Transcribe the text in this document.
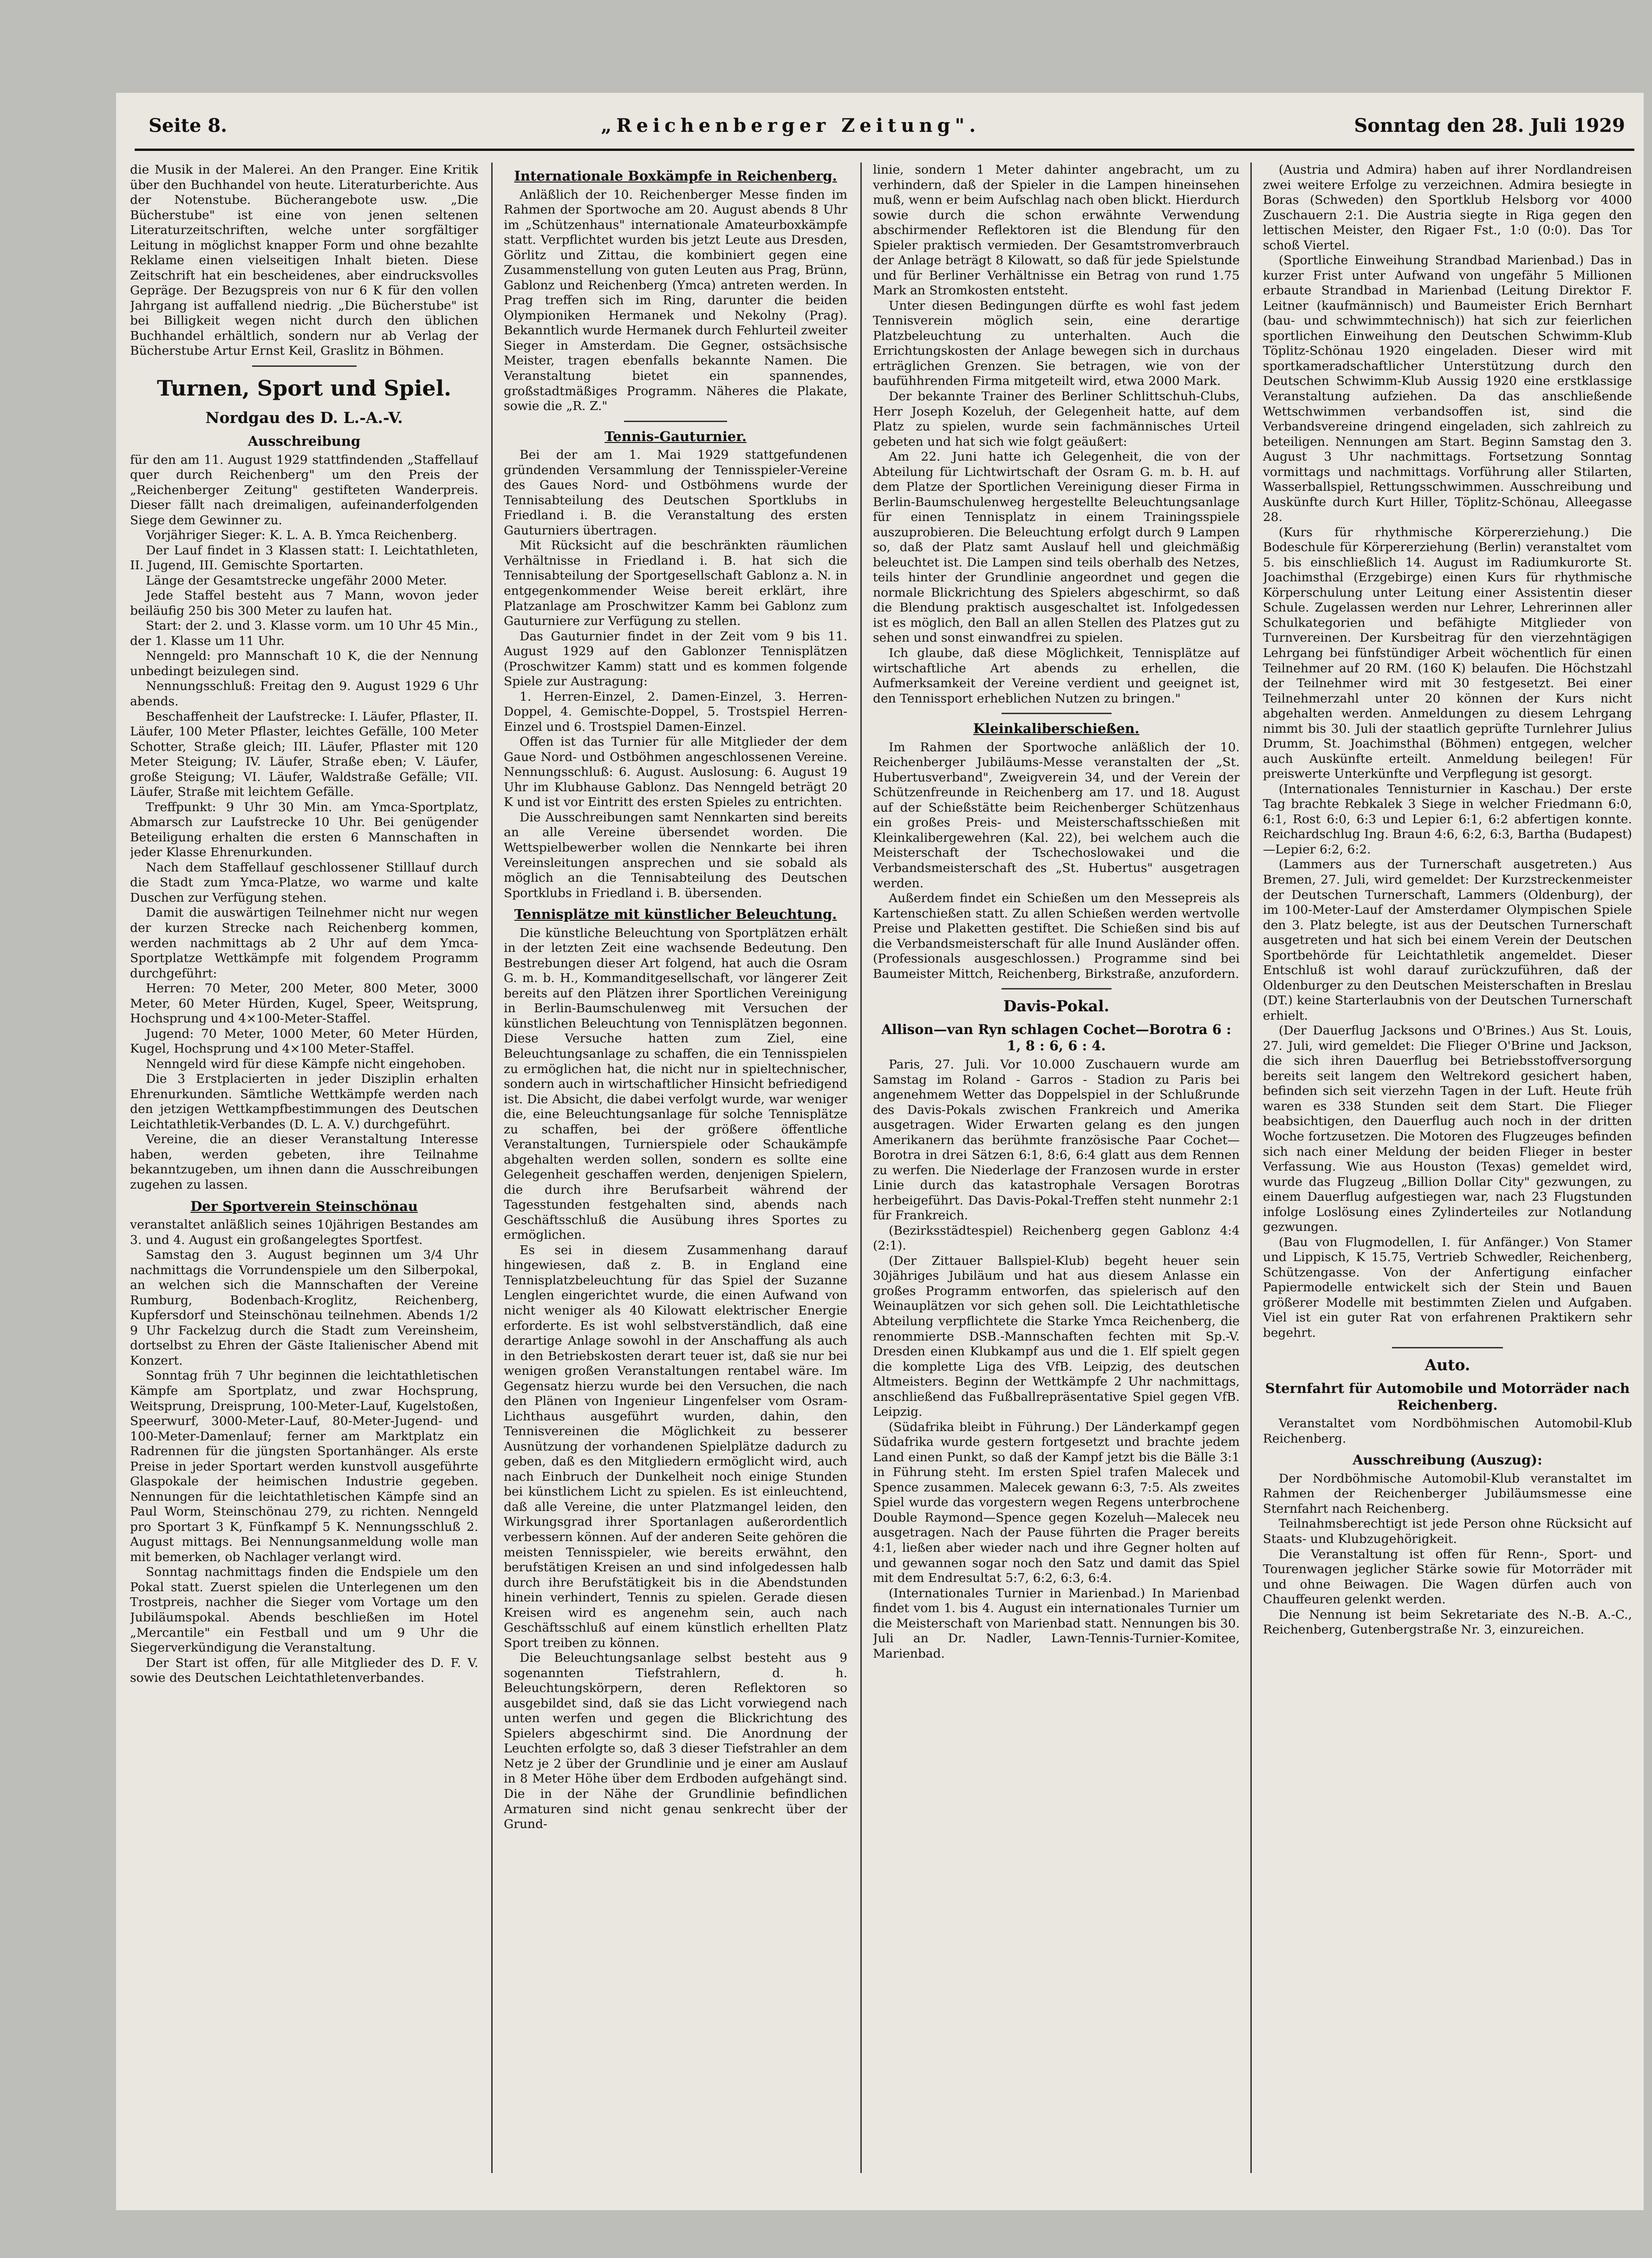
Seite 8.	„Reichenberger Zeitung".	Sonntag den 28. Juli 1929

die Musik in der Malerei. An den Pranger. Eine Kritik über den Buchhandel von heute. Literaturberichte. Aus der Notenstube. Bücherangebote usw. „Die Bücherstube" ist eine von jenen seltenen Literaturzeitschriften, welche unter sorgfältiger Leitung in möglichst knapper Form und ohne bezahlte Reklame einen vielseitigen Inhalt bieten. Diese Zeitschrift hat ein bescheidenes, aber eindrucksvolles Gepräge. Der Bezugspreis von nur 6 K für den vollen Jahrgang ist auffallend niedrig. „Die Bücherstube" ist bei Billigkeit wegen nicht durch den üblichen Buchhandel erhältlich, sondern nur ab Verlag der Bücherstube Artur Ernst Keil, Graslitz in Böhmen.

Turnen, Sport und Spiel.
Nordgau des D. L.-A.-V.
Ausschreibung

für den am 11. August 1929 stattfindenden „Staffellauf quer durch Reichenberg" um den Preis der „Reichenberger Zeitung" gestifteten Wanderpreis. Dieser fällt nach dreimaligen, aufeinanderfolgenden Siege dem Gewinner zu.

Vorjähriger Sieger: K. L. A. B. Ymca Reichenberg.

Der Lauf findet in 3 Klassen statt: I. Leichtathleten, II. Jugend, III. Gemischte Sportarten.

Länge der Gesamtstrecke ungefähr 2000 Meter.

Jede Staffel besteht aus 7 Mann, wovon jeder beiläufig 250 bis 300 Meter zu laufen hat.

Start: der 2. und 3. Klasse vorm. um 10 Uhr 45 Min., der 1. Klasse um 11 Uhr.

Nenngeld: pro Mannschaft 10 K, die der Nennung unbedingt beizulegen sind.

Nennungsschluß: Freitag den 9. August 1929 6 Uhr abends.

Beschaffenheit der Laufstrecke: I. Läufer, Pflaster, II. Läufer, 100 Meter Pflaster, leichtes Gefälle, 100 Meter Schotter, Straße gleich; III. Läufer, Pflaster mit 120 Meter Steigung; IV. Läufer, Straße eben; V. Läufer, große Steigung; VI. Läufer, Waldstraße Gefälle; VII. Läufer, Straße mit leichtem Gefälle.

Treffpunkt: 9 Uhr 30 Min. am Ymca-Sportplatz, Abmarsch zur Laufstrecke 10 Uhr. Bei genügender Beteiligung erhalten die ersten 6 Mannschaften in jeder Klasse Ehrenurkunden.

Nach dem Staffellauf geschlossener Stilllauf durch die Stadt zum Ymca-Platze, wo warme und kalte Duschen zur Verfügung stehen.

Damit die auswärtigen Teilnehmer nicht nur wegen der kurzen Strecke nach Reichenberg kommen, werden nachmittags ab 2 Uhr auf dem Ymca-Sportplatze Wettkämpfe mit folgendem Programm durchgeführt:

Herren: 70 Meter, 200 Meter, 800 Meter, 3000 Meter, 60 Meter Hürden, Kugel, Speer, Weitsprung, Hochsprung und 4×100-Meter-Staffel.

Jugend: 70 Meter, 1000 Meter, 60 Meter Hürden, Kugel, Hochsprung und 4×100 Meter-Staffel.

Nenngeld wird für diese Kämpfe nicht eingehoben.

Die 3 Erstplacierten in jeder Disziplin erhalten Ehrenurkunden. Sämtliche Wettkämpfe werden nach den jetzigen Wettkampfbestimmungen des Deutschen Leichtathletik-Verbandes (D. L. A. V.) durchgeführt.

Vereine, die an dieser Veranstaltung Interesse haben, werden gebeten, ihre Teilnahme bekanntzugeben, um ihnen dann die Ausschreibungen zugehen zu lassen.

Der Sportverein Steinschönau

veranstaltet anläßlich seines 10jährigen Bestandes am 3. und 4. August ein großangelegtes Sportfest.

Samstag den 3. August beginnen um 3/4 Uhr nachmittags die Vorrundenspiele um den Silberpokal, an welchen sich die Mannschaften der Vereine Rumburg, Bodenbach-Kroglitz, Reichenberg, Kupfersdorf und Steinschönau teilnehmen. Abends 1/2 9 Uhr Fackelzug durch die Stadt zum Vereinsheim, dortselbst zu Ehren der Gäste Italienischer Abend mit Konzert.

Sonntag früh 7 Uhr beginnen die leichtathletischen Kämpfe am Sportplatz, und zwar Hochsprung, Weitsprung, Dreisprung, 100-Meter-Lauf, Kugelstoßen, Speerwurf, 3000-Meter-Lauf, 80-Meter-Jugend- und 100-Meter-Damenlauf; ferner am Marktplatz ein Radrennen für die jüngsten Sportanhänger. Als erste Preise in jeder Sportart werden kunstvoll ausgeführte Glaspokale der heimischen Industrie gegeben. Nennungen für die leichtathletischen Kämpfe sind an Paul Worm, Steinschönau 279, zu richten. Nenngeld pro Sportart 3 K, Fünfkampf 5 K. Nennungsschluß 2. August mittags. Bei Nennungsanmeldung wolle man mit bemerken, ob Nachlager verlangt wird.

Sonntag nachmittags finden die Endspiele um den Pokal statt. Zuerst spielen die Unterlegenen um den Trostpreis, nachher die Sieger vom Vortage um den Jubiläumspokal. Abends beschließen im Hotel „Mercantile" ein Festball und um 9 Uhr die Siegerverkündigung die Veranstaltung.

Der Start ist offen, für alle Mitglieder des D. F. V. sowie des Deutschen Leichtathletenverbandes.

Internationale Boxkämpfe in Reichenberg.

Anläßlich der 10. Reichenberger Messe finden im Rahmen der Sportwoche am 20. August abends 8 Uhr im „Schützenhaus" internationale Amateurboxkämpfe statt. Verpflichtet wurden bis jetzt Leute aus Dresden, Görlitz und Zittau, die kombiniert gegen eine Zusammenstellung von guten Leuten aus Prag, Brünn, Gablonz und Reichenberg (Ymca) antreten werden. In Prag treffen sich im Ring, darunter die beiden Olympioniken Hermanek und Nekolny (Prag). Bekanntlich wurde Hermanek durch Fehlurteil zweiter Sieger in Amsterdam. Die Gegner, ostsächsische Meister, tragen ebenfalls bekannte Namen. Die Veranstaltung bietet ein spannendes, großstadtmäßiges Programm. Näheres die Plakate, sowie die „R. Z."

Tennis-Gauturnier.

Bei der am 1. Mai 1929 stattgefundenen gründenden Versammlung der Tennisspieler-Vereine des Gaues Nord- und Ostböhmens wurde der Tennisabteilung des Deutschen Sportklubs in Friedland i. B. die Veranstaltung des ersten Gauturniers übertragen.

Mit Rücksicht auf die beschränkten räumlichen Verhältnisse in Friedland i. B. hat sich die Tennisabteilung der Sportgesellschaft Gablonz a. N. in entgegenkommender Weise bereit erklärt, ihre Platzanlage am Proschwitzer Kamm bei Gablonz zum Gauturniere zur Verfügung zu stellen.

Das Gauturnier findet in der Zeit vom 9 bis 11. August 1929 auf den Gablonzer Tennisplätzen (Proschwitzer Kamm) statt und es kommen folgende Spiele zur Austragung:

1. Herren-Einzel, 2. Damen-Einzel, 3. Herren-Doppel, 4. Gemischte-Doppel, 5. Trostspiel Herren-Einzel und 6. Trostspiel Damen-Einzel.

Offen ist das Turnier für alle Mitglieder der dem Gaue Nord- und Ostböhmen angeschlossenen Vereine. Nennungsschluß: 6. August. Auslosung: 6. August 19 Uhr im Klubhause Gablonz. Das Nenngeld beträgt 20 K und ist vor Eintritt des ersten Spieles zu entrichten.

Die Ausschreibungen samt Nennkarten sind bereits an alle Vereine übersendet worden. Die Wettspielbewerber wollen die Nennkarte bei ihren Vereinsleitungen ansprechen und sie sobald als möglich an die Tennisabteilung des Deutschen Sportklubs in Friedland i. B. übersenden.

Tennisplätze mit künstlicher Beleuchtung.

Die künstliche Beleuchtung von Sportplätzen erhält in der letzten Zeit eine wachsende Bedeutung. Den Bestrebungen dieser Art folgend, hat auch die Osram G. m. b. H., Kommanditgesellschaft, vor längerer Zeit bereits auf den Plätzen ihrer Sportlichen Vereinigung in Berlin-Baumschulenweg mit Versuchen der künstlichen Beleuchtung von Tennisplätzen begonnen. Diese Versuche hatten zum Ziel, eine Beleuchtungsanlage zu schaffen, die ein Tennisspielen zu ermöglichen hat, die nicht nur in spieltechnischer, sondern auch in wirtschaftlicher Hinsicht befriedigend ist. Die Absicht, die dabei verfolgt wurde, war weniger die, eine Beleuchtungsanlage für solche Tennisplätze zu schaffen, bei der größere öffentliche Veranstaltungen, Turnierspiele oder Schaukämpfe abgehalten werden sollen, sondern es sollte eine Gelegenheit geschaffen werden, denjenigen Spielern, die durch ihre Berufsarbeit während der Tagesstunden festgehalten sind, abends nach Geschäftsschluß die Ausübung ihres Sportes zu ermöglichen.

Es sei in diesem Zusammenhang darauf hingewiesen, daß z. B. in England eine Tennisplatzbeleuchtung für das Spiel der Suzanne Lenglen eingerichtet wurde, die einen Aufwand von nicht weniger als 40 Kilowatt elektrischer Energie erforderte. Es ist wohl selbstverständlich, daß eine derartige Anlage sowohl in der Anschaffung als auch in den Betriebskosten derart teuer ist, daß sie nur bei wenigen großen Veranstaltungen rentabel wäre. Im Gegensatz hierzu wurde bei den Versuchen, die nach den Plänen von Ingenieur Lingenfelser vom Osram-Lichthaus ausgeführt wurden, dahin, den Tennisvereinen die Möglichkeit zu besserer Ausnützung der vorhandenen Spielplätze dadurch zu geben, daß es den Mitgliedern ermöglicht wird, auch nach Einbruch der Dunkelheit noch einige Stunden bei künstlichem Licht zu spielen. Es ist einleuchtend, daß alle Vereine, die unter Platzmangel leiden, den Wirkungsgrad ihrer Sportanlagen außerordentlich verbessern können. Auf der anderen Seite gehören die meisten Tennisspieler, wie bereits erwähnt, den berufstätigen Kreisen an und sind infolgedessen halb durch ihre Berufstätigkeit bis in die Abendstunden hinein verhindert, Tennis zu spielen. Gerade diesen Kreisen wird es angenehm sein, auch nach Geschäftsschluß auf einem künstlich erhellten Platz Sport treiben zu können.

Die Beleuchtungsanlage selbst besteht aus 9 sogenannten Tiefstrahlern, d. h. Beleuchtungskörpern, deren Reflektoren so ausgebildet sind, daß sie das Licht vorwiegend nach unten werfen und gegen die Blickrichtung des Spielers abgeschirmt sind. Die Anordnung der Leuchten erfolgte so, daß 3 dieser Tiefstrahler an dem Netz je 2 über der Grundlinie und je einer am Auslauf in 8 Meter Höhe über dem Erdboden aufgehängt sind. Die in der Nähe der Grundlinie befindlichen Armaturen sind nicht genau senkrecht über der Grund-

linie, sondern 1 Meter dahinter angebracht, um zu verhindern, daß der Spieler in die Lampen hineinsehen muß, wenn er beim Aufschlag nach oben blickt. Hierdurch sowie durch die schon erwähnte Verwendung abschirmender Reflektoren ist die Blendung für den Spieler praktisch vermieden. Der Gesamtstromverbrauch der Anlage beträgt 8 Kilowatt, so daß für jede Spielstunde und für Berliner Verhältnisse ein Betrag von rund 1.75 Mark an Stromkosten entsteht.

Unter diesen Bedingungen dürfte es wohl fast jedem Tennisverein möglich sein, eine derartige Platzbeleuchtung zu unterhalten. Auch die Errichtungskosten der Anlage bewegen sich in durchaus erträglichen Grenzen. Sie betragen, wie von der baufühhrenden Firma mitgeteilt wird, etwa 2000 Mark.

Der bekannte Trainer des Berliner Schlittschuh-Clubs, Herr Joseph Kozeluh, der Gelegenheit hatte, auf dem Platz zu spielen, wurde sein fachmännisches Urteil gebeten und hat sich wie folgt geäußert:

Am 22. Juni hatte ich Gelegenheit, die von der Abteilung für Lichtwirtschaft der Osram G. m. b. H. auf dem Platze der Sportlichen Vereinigung dieser Firma in Berlin-Baumschulenweg hergestellte Beleuchtungsanlage für einen Tennisplatz in einem Trainingsspiele auszuprobieren. Die Beleuchtung erfolgt durch 9 Lampen so, daß der Platz samt Auslauf hell und gleichmäßig beleuchtet ist. Die Lampen sind teils oberhalb des Netzes, teils hinter der Grundlinie angeordnet und gegen die normale Blickrichtung des Spielers abgeschirmt, so daß die Blendung praktisch ausgeschaltet ist. Infolgedessen ist es möglich, den Ball an allen Stellen des Platzes gut zu sehen und sonst einwandfrei zu spielen.

Ich glaube, daß diese Möglichkeit, Tennisplätze auf wirtschaftliche Art abends zu erhellen, die Aufmerksamkeit der Vereine verdient und geeignet ist, den Tennissport erheblichen Nutzen zu bringen."

Kleinkaliberschießen.

Im Rahmen der Sportwoche anläßlich der 10. Reichenberger Jubiläums-Messe veranstalten der „St. Hubertusverband", Zweigverein 34, und der Verein der Schützenfreunde in Reichenberg am 17. und 18. August auf der Schießstätte beim Reichenberger Schützenhaus ein großes Preis- und Meisterschaftsschießen mit Kleinkalibergewehren (Kal. 22), bei welchem auch die Meisterschaft der Tschechoslowakei und die Verbandsmeisterschaft des „St. Hubertus" ausgetragen werden.

Außerdem findet ein Schießen um den Messepreis als Kartenschießen statt. Zu allen Schießen werden wertvolle Preise und Plaketten gestiftet. Die Schießen sind bis auf die Verbandsmeisterschaft für alle Inund Ausländer offen. (Professionals ausgeschlossen.) Programme sind bei Baumeister Mittch, Reichenberg, Birkstraße, anzufordern.

Davis-Pokal.
Allison—van Ryn schlagen Cochet—Borotra 6 : 1, 8 : 6, 6 : 4.

Paris, 27. Juli. Vor 10.000 Zuschauern wurde am Samstag im Roland - Garros - Stadion zu Paris bei angenehmem Wetter das Doppelspiel in der Schlußrunde des Davis-Pokals zwischen Frankreich und Amerika ausgetragen. Wider Erwarten gelang es den jungen Amerikanern das berühmte französische Paar Cochet—Borotra in drei Sätzen 6:1, 8:6, 6:4 glatt aus dem Rennen zu werfen. Die Niederlage der Franzosen wurde in erster Linie durch das katastrophale Versagen Borotras herbeigeführt. Das Davis-Pokal-Treffen steht nunmehr 2:1 für Frankreich.

(Bezirksstädtespiel) Reichenberg gegen Gablonz 4:4 (2:1).

(Der Zittauer Ballspiel-Klub) begeht heuer sein 30jähriges Jubiläum und hat aus diesem Anlasse ein großes Programm entworfen, das spielerisch auf den Weinauplätzen vor sich gehen soll. Die Leichtathletische Abteilung verpflichtete die Starke Ymca Reichenberg, die renommierte DSB.-Mannschaften fechten mit Sp.-V. Dresden einen Klubkampf aus und die 1. Elf spielt gegen die komplette Liga des VfB. Leipzig, des deutschen Altmeisters. Beginn der Wettkämpfe 2 Uhr nachmittags, anschließend das Fußballrepräsentative Spiel gegen VfB. Leipzig.

(Südafrika bleibt in Führung.) Der Länderkampf gegen Südafrika wurde gestern fortgesetzt und brachte jedem Land einen Punkt, so daß der Kampf jetzt bis die Bälle 3:1 in Führung steht. Im ersten Spiel trafen Malecek und Spence zusammen. Malecek gewann 6:3, 7:5. Als zweites Spiel wurde das vorgestern wegen Regens unterbrochene Double Raymond—Spence gegen Kozeluh—Malecek neu ausgetragen. Nach der Pause führten die Prager bereits 4:1, ließen aber wieder nach und ihre Gegner holten auf und gewannen sogar noch den Satz und damit das Spiel mit dem Endresultat 5:7, 6:2, 6:3, 6:4.

(Internationales Turnier in Marienbad.) In Marienbad findet vom 1. bis 4. August ein internationales Turnier um die Meisterschaft von Marienbad statt. Nennungen bis 30. Juli an Dr. Nadler, Lawn-Tennis-Turnier-Komitee, Marienbad.

(Austria und Admira) haben auf ihrer Nordlandreisen zwei weitere Erfolge zu verzeichnen. Admira besiegte in Boras (Schweden) den Sportklub Helsborg vor 4000 Zuschauern 2:1. Die Austria siegte in Riga gegen den lettischen Meister, den Rigaer Fst., 1:0 (0:0). Das Tor schoß Viertel.

(Sportliche Einweihung Strandbad Marienbad.) Das in kurzer Frist unter Aufwand von ungefähr 5 Millionen erbaute Strandbad in Marienbad (Leitung Direktor F. Leitner (kaufmännisch) und Baumeister Erich Bernhart (bau- und schwimmtechnisch)) hat sich zur feierlichen sportlichen Einweihung den Deutschen Schwimm-Klub Töplitz-Schönau 1920 eingeladen. Dieser wird mit sportkameradschaftlicher Unterstützung durch den Deutschen Schwimm-Klub Aussig 1920 eine erstklassige Veranstaltung aufziehen. Da das anschließende Wettschwimmen verbandsoffen ist, sind die Verbandsvereine dringend eingeladen, sich zahlreich zu beteiligen. Nennungen am Start. Beginn Samstag den 3. August 3 Uhr nachmittags. Fortsetzung Sonntag vormittags und nachmittags. Vorführung aller Stilarten, Wasserballspiel, Rettungsschwimmen. Ausschreibung und Auskünfte durch Kurt Hiller, Töplitz-Schönau, Alleegasse 28.

(Kurs für rhythmische Körpererziehung.) Die Bodeschule für Körpererziehung (Berlin) veranstaltet vom 5. bis einschließlich 14. August im Radiumkurorte St. Joachimsthal (Erzgebirge) einen Kurs für rhythmische Körperschulung unter Leitung einer Assistentin dieser Schule. Zugelassen werden nur Lehrer, Lehrerinnen aller Schulkategorien und befähigte Mitglieder von Turnvereinen. Der Kursbeitrag für den vierzehntägigen Lehrgang bei fünfstündiger Arbeit wöchentlich für einen Teilnehmer auf 20 RM. (160 K) belaufen. Die Höchstzahl der Teilnehmer wird mit 30 festgesetzt. Bei einer Teilnehmerzahl unter 20 können der Kurs nicht abgehalten werden. Anmeldungen zu diesem Lehrgang nimmt bis 30. Juli der staatlich geprüfte Turnlehrer Julius Drumm, St. Joachimsthal (Böhmen) entgegen, welcher auch Auskünfte erteilt. Anmeldung beilegen! Für preiswerte Unterkünfte und Verpflegung ist gesorgt.

(Internationales Tennisturnier in Kaschau.) Der erste Tag brachte Rebkalek 3 Siege in welcher Friedmann 6:0, 6:1, Rost 6:0, 6:3 und Lepier 6:1, 6:2 abfertigen konnte. Reichardschlug Ing. Braun 4:6, 6:2, 6:3, Bartha (Budapest)—Lepier 6:2, 6:2.

(Lammers aus der Turnerschaft ausgetreten.) Aus Bremen, 27. Juli, wird gemeldet: Der Kurzstreckenmeister der Deutschen Turnerschaft, Lammers (Oldenburg), der im 100-Meter-Lauf der Amsterdamer Olympischen Spiele den 3. Platz belegte, ist aus der Deutschen Turnerschaft ausgetreten und hat sich bei einem Verein der Deutschen Sportbehörde für Leichtathletik angemeldet. Dieser Entschluß ist wohl darauf zurückzuführen, daß der Oldenburger zu den Deutschen Meisterschaften in Breslau (DT.) keine Starterlaubnis von der Deutschen Turnerschaft erhielt.

(Der Dauerflug Jacksons und O'Brines.) Aus St. Louis, 27. Juli, wird gemeldet: Die Flieger O'Brine und Jackson, die sich ihren Dauerflug bei Betriebsstoffversorgung bereits seit langem den Weltrekord gesichert haben, befinden sich seit vierzehn Tagen in der Luft. Heute früh waren es 338 Stunden seit dem Start. Die Flieger beabsichtigen, den Dauerflug auch noch in der dritten Woche fortzusetzen. Die Motoren des Flugzeuges befinden sich nach einer Meldung der beiden Flieger in bester Verfassung. Wie aus Houston (Texas) gemeldet wird, wurde das Flugzeug „Billion Dollar City" gezwungen, zu einem Dauerflug aufgestiegen war, nach 23 Flugstunden infolge Loslösung eines Zylinderteiles zur Notlandung gezwungen.

(Bau von Flugmodellen, I. für Anfänger.) Von Stamer und Lippisch, K 15.75, Vertrieb Schwedler, Reichenberg, Schützengasse. Von der Anfertigung einfacher Papiermodelle entwickelt sich der Stein und Bauen größerer Modelle mit bestimmten Zielen und Aufgaben. Viel ist ein guter Rat von erfahrenen Praktikern sehr begehrt.

Auto.
Sternfahrt für Automobile und Motorräder nach Reichenberg.

Veranstaltet vom Nordböhmischen Automobil-Klub Reichenberg.

Ausschreibung (Auszug):

Der Nordböhmische Automobil-Klub veranstaltet im Rahmen der Reichenberger Jubiläumsmesse eine Sternfahrt nach Reichenberg.

Teilnahmsberechtigt ist jede Person ohne Rücksicht auf Staats- und Klubzugehörigkeit.

Die Veranstaltung ist offen für Renn-, Sport- und Tourenwagen jeglicher Stärke sowie für Motorräder mit und ohne Beiwagen. Die Wagen dürfen auch von Chauffeuren gelenkt werden.

Die Nennung ist beim Sekretariate des N.-B. A.-C., Reichenberg, Gutenbergstraße Nr. 3, einzureichen.
